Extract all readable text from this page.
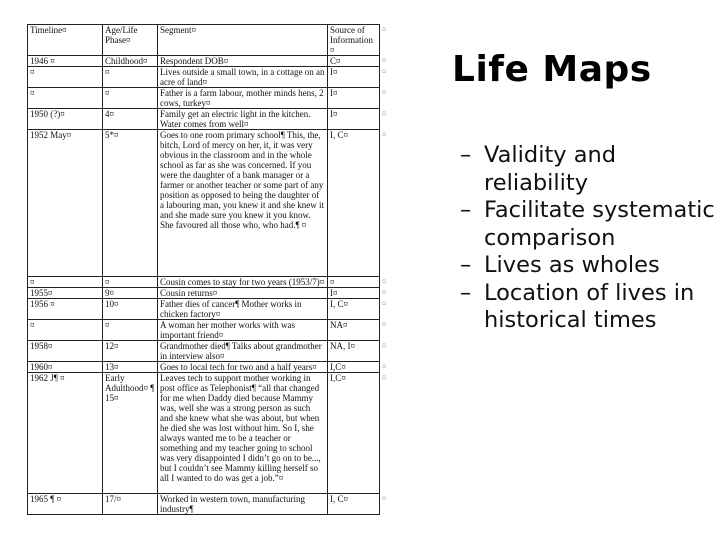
Timeline¤	Age/Life Phase¤	Segment¤	Source of Information¤	¤
1946 ¤	Childhood¤	Respondent DOB¤	C¤	¤
¤	¤	Lives outside a small town, in a cottage on an acre of land¤	I¤	¤
¤	¤	Father is a farm labour, mother minds hens, 2 cows, turkey¤	I¤	¤
1950 (?)¤	4¤	Family get an electric light in the kitchen. Water comes from well¤	I¤	¤
1952 May¤	5*¤	Goes to one room primary school¶ This, the, bitch, Lord of mercy on her, it, it was very obvious in the classroom and in the whole school as far as she was concerned. If you were the daughter of a bank manager or a farmer or another teacher or some part of any position as opposed to being the daughter of a labouring man, you knew it and she knew it and she made sure you knew it you know. She favoured all those who, who had.¶ ¤	I, C¤	¤
¤	¤	Cousin comes to stay for two years (1953/7)¤	¤	¤
1955¤	9¤	Cousin returns¤	I¤	¤
1956 ¤	10¤	Father dies of cancer¶ Mother works in chicken factory¤	I, C¤	¤
¤	¤	A woman her mother works with was important friend¤	NA¤	¤
1958¤	12¤	Grandmother died¶ Talks about grandmother in interview also¤	NA, I¤	¤
1960¤	13¤	Goes to local tech for two and a half years¤	I,C¤	¤
1962 J¶ ¤	Early Adulthood¤ ¶ 15¤	Leaves tech to support mother working in post office as Telephonist¶ “all that changed for me when Daddy died because Mammy was, well she was a strong person as such and she knew what she was about, but when he died she was lost without him. So I, she always wanted me to be a teacher or something and my teacher going to school was very disappointed I didn’t go on to be..., but I couldn’t see Mammy killing herself so all I wanted to do was get a job.”¤	I,C¤	¤
1965 ¶ ¤	17/¤	Worked in western town, manufacturing industry¶	I, C¤	¤
Life Maps
– Validity and reliability
– Facilitate systematic comparison
– Lives as wholes
– Location of lives in historical times
